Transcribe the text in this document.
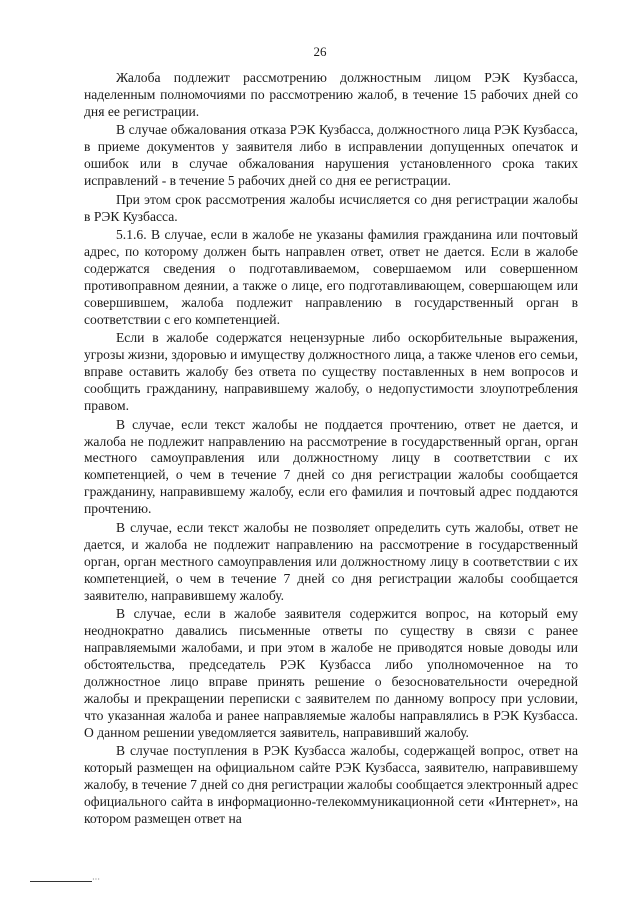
26

Жалоба подлежит рассмотрению должностным лицом РЭК Кузбасса, наделенным полномочиями по рассмотрению жалоб, в течение 15 рабочих дней со дня ее регистрации.

В случае обжалования отказа РЭК Кузбасса, должностного лица РЭК Кузбасса, в приеме документов у заявителя либо в исправлении допущенных опечаток и ошибок или в случае обжалования нарушения установленного срока таких исправлений - в течение 5 рабочих дней со дня ее регистрации.

При этом срок рассмотрения жалобы исчисляется со дня регистрации жалобы в РЭК Кузбасса.

5.1.6. В случае, если в жалобе не указаны фамилия гражданина или почтовый адрес, по которому должен быть направлен ответ, ответ не дается. Если в жалобе содержатся сведения о подготавливаемом, совершаемом или совершенном противоправном деянии, а также о лице, его подготавливающем, совершающем или совершившем, жалоба подлежит направлению в государственный орган в соответствии с его компетенцией.

Если в жалобе содержатся нецензурные либо оскорбительные выражения, угрозы жизни, здоровью и имуществу должностного лица, а также членов его семьи, вправе оставить жалобу без ответа по существу поставленных в нем вопросов и сообщить гражданину, направившему жалобу, о недопустимости злоупотребления правом.

В случае, если текст жалобы не поддается прочтению, ответ не дается, и жалоба не подлежит направлению на рассмотрение в государственный орган, орган местного самоуправления или должностному лицу в соответствии с их компетенцией, о чем в течение 7 дней со дня регистрации жалобы сообщается гражданину, направившему жалобу, если его фамилия и почтовый адрес поддаются прочтению.

В случае, если текст жалобы не позволяет определить суть жалобы, ответ не дается, и жалоба не подлежит направлению на рассмотрение в государственный орган, орган местного самоуправления или должностному лицу в соответствии с их компетенцией, о чем в течение 7 дней со дня регистрации жалобы сообщается заявителю, направившему жалобу.

В случае, если в жалобе заявителя содержится вопрос, на который ему неоднократно давались письменные ответы по существу в связи с ранее направляемыми жалобами, и при этом в жалобе не приводятся новые доводы или обстоятельства, председатель РЭК Кузбасса либо уполномоченное на то должностное лицо вправе принять решение о безосновательности очередной жалобы и прекращении переписки с заявителем по данному вопросу при условии, что указанная жалоба и ранее направляемые жалобы направлялись в РЭК Кузбасса. О данном решении уведомляется заявитель, направивший жалобу.

В случае поступления в РЭК Кузбасса жалобы, содержащей вопрос, ответ на который размещен на официальном сайте РЭК Кузбасса, заявителю, направившему жалобу, в течение 7 дней со дня регистрации жалобы сообщается электронный адрес официального сайта в информационно-телекоммуникационной сети «Интернет», на котором размещен ответ на

···
